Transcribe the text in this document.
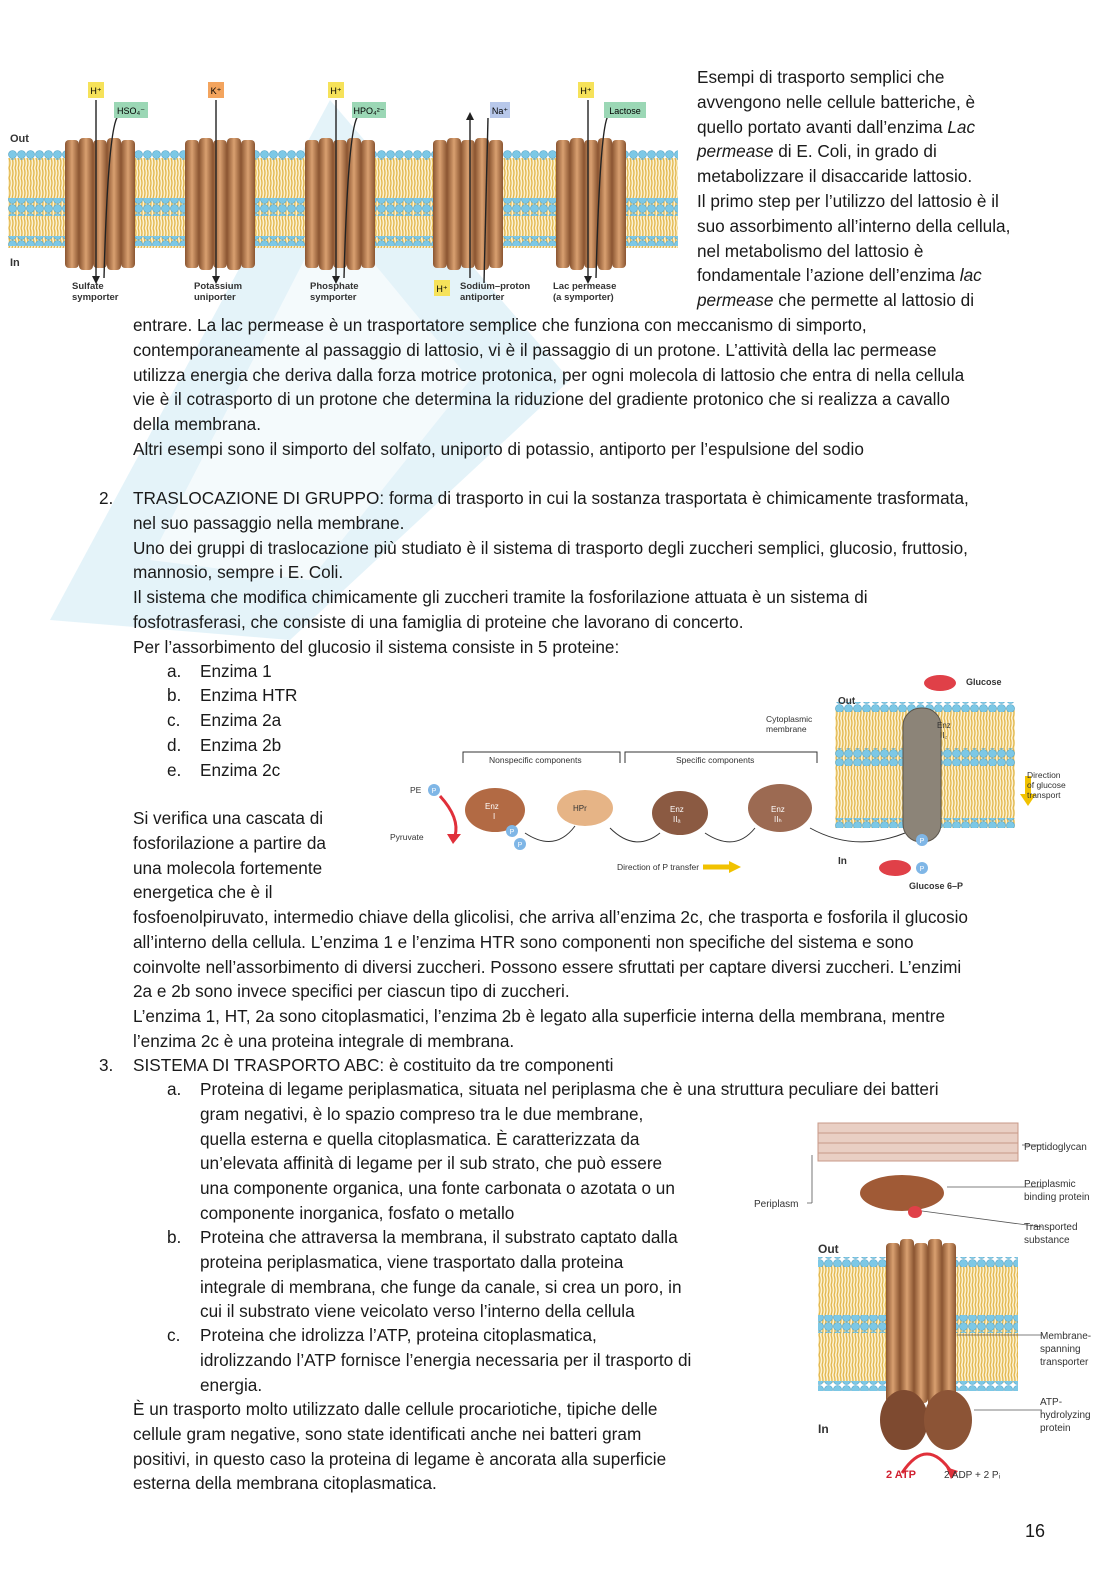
H⁺
HSO₄⁻
K⁺	H⁺
HPO₄²⁻	Na⁺
H⁺
Lactose
H⁺
Out
In
Sulfate
symporter
Potassium
uniporter
Phosphate
symporter
Sodium–proton
antiporter
Lac permease
(a symporter)

Esempi di trasporto semplici che

avvengono nelle cellule batteriche, è

quello portato avanti dall’enzima Lac

permease di E. Coli, in grado di

metabolizzare il disaccaride lattosio.

Il primo step per l’utilizzo del lattosio è il

suo assorbimento all’interno della cellula,

nel metabolismo del lattosio è

fondamentale l’azione dell’enzima lac

permease che permette al lattosio di

entrare. La lac permease è un trasportatore semplice che funziona con meccanismo di simporto,

contemporaneamente al passaggio di lattosio, vi è il passaggio di un protone. L’attività della lac permease

utilizza energia che deriva dalla forza motrice protonica, per ogni molecola di lattosio che entra di nella cellula

vie è il cotrasporto di un protone che determina la riduzione del gradiente protonico che si realizza a cavallo

della membrana.

Altri esempi sono il simporto del solfato, uniporto di potassio, antiporto per l’espulsione del sodio

2. TRASLOCAZIONE DI GRUPPO: forma di trasporto in cui la sostanza trasportata è chimicamente trasformata,

nel suo passaggio nella membrane.

Uno dei gruppi di traslocazione più studiato è il sistema di trasporto degli zuccheri semplici, glucosio, fruttosio,

mannosio, sempre i E. Coli.

Il sistema che modifica chimicamente gli zuccheri tramite la fosforilazione attuata è un sistema di

fosfotrasferasi, che consiste di una famiglia di proteine che lavorano di concerto.

Per l’assorbimento del glucosio il sistema consiste in 5 proteine:

a. Enzima 1
b. Enzima HTR
c. Enzima 2a
d. Enzima 2b
e. Enzima 2c

Si verifica una cascata di

fosforilazione a partire da

una molecola fortemente

energetica che è il

P
P
P
P
P
Enz
II꜀
Glucose
Out
In
Cytoplasmic
membrane
Nonspecific components	Specific components
PE
Pyruvate
Enz
I
HPr	Enz
IIₐ
Enz
IIₕ
Direction of P transfer
Direction
of glucose
transport
Glucose 6–P

fosfoenolpiruvato, intermedio chiave della glicolisi, che arriva all’enzima 2c, che trasporta e fosforila il glucosio

all’interno della cellula. L’enzima 1 e l’enzima HTR sono componenti non specifiche del sistema e sono

coinvolte nell’assorbimento di diversi zuccheri. Possono essere sfruttati per captare diversi zuccheri. L’enzimi

2a e 2b sono invece specifici per ciascun tipo di zuccheri.

L’enzima 1, HT, 2a sono citoplasmatici, l’enzima 2b è legato alla superficie interna della membrana, mentre

l’enzima 2c è una proteina integrale di membrana.

3. SISTEMA DI TRASPORTO ABC: è costituito da tre componenti
a. Proteina di legame periplasmatica, situata nel periplasma che è una struttura peculiare dei batteri

gram negativi, è lo spazio compreso tra le due membrane,

quella esterna e quella citoplasmatica. È caratterizzata da

un’elevata affinità di legame per il sub strato, che può essere

una componente organica, una fonte carbonata o azotata o un

componente inorganica, fosfato o metallo

b. Proteina che attraversa la membrana, il substrato captato dalla

proteina periplasmatica, viene trasportato dalla proteina

integrale di membrana, che funge da canale, si crea un poro, in

cui il substrato viene veicolato verso l’interno della cellula

c. Proteina che idrolizza l’ATP, proteina citoplasmatica,

idrolizzando l’ATP fornisce l’energia necessaria per il trasporto di

energia.

È un trasporto molto utilizzato dalle cellule procariotiche, tipiche delle

cellule gram negative, sono state identificati anche nei batteri gram

positivi, in questo caso la proteina di legame è ancorata alla superficie

esterna della membrana citoplasmatica.

Peptidoglycan
Periplasm
Periplasmic
binding protein
Transported
substance
Out
In
Membrane-
spanning
transporter
ATP-
hydrolyzing
protein
2 ATP	2 ADP + 2 Pᵢ
16
